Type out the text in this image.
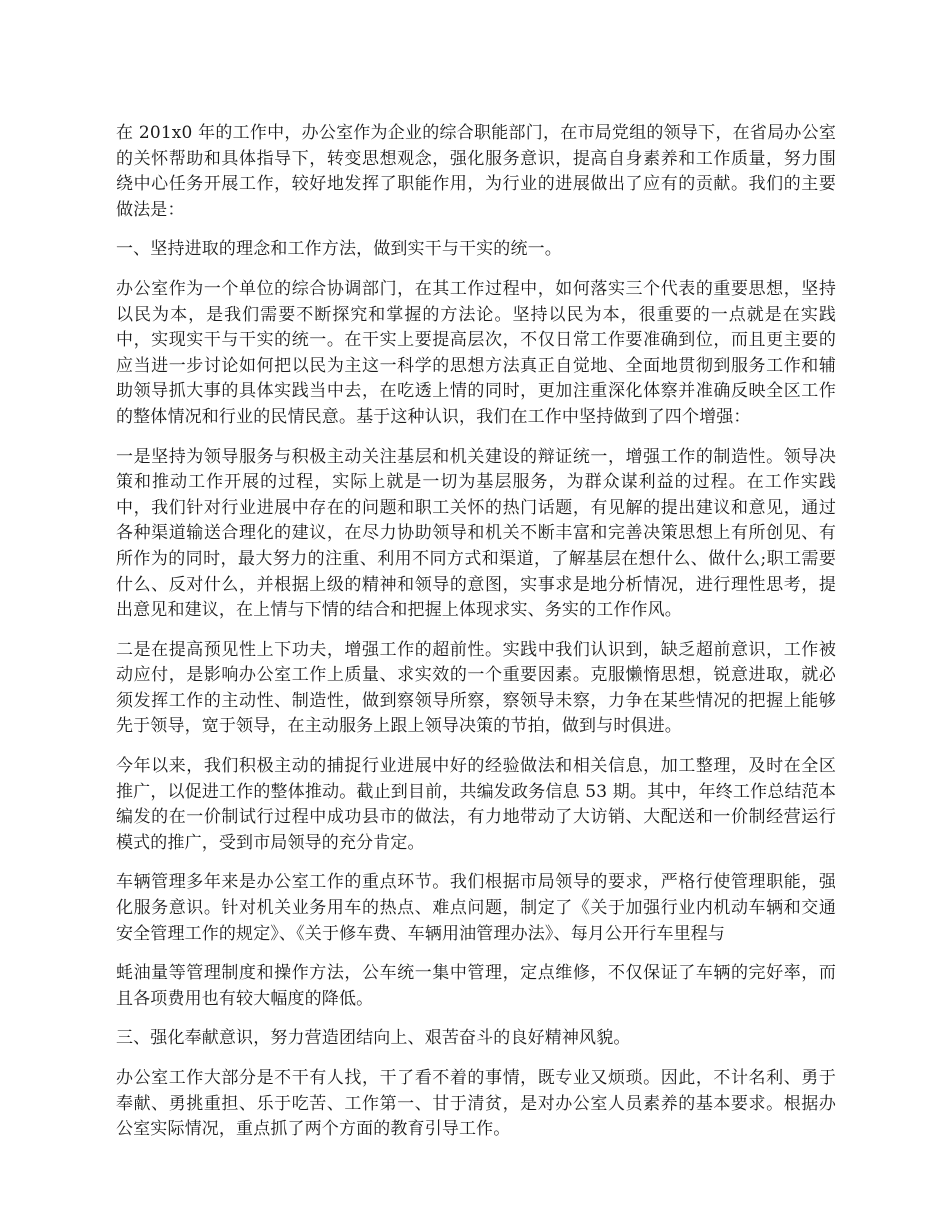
在 201x0 年的工作中，办公室作为企业的综合职能部门，在市局党组的领导下，在省局办公室的关怀帮助和具体指导下，转变思想观念，强化服务意识，提高自身素养和工作质量，努力围绕中心任务开展工作，较好地发挥了职能作用，为行业的进展做出了应有的贡献。我们的主要做法是：

一、坚持进取的理念和工作方法，做到实干与干实的统一。

办公室作为一个单位的综合协调部门，在其工作过程中，如何落实三个代表的重要思想，坚持以民为本，是我们需要不断探究和掌握的方法论。坚持以民为本，很重要的一点就是在实践中，实现实干与干实的统一。在干实上要提高层次，不仅日常工作要准确到位，而且更主要的应当进一步讨论如何把以民为主这一科学的思想方法真正自觉地、全面地贯彻到服务工作和辅助领导抓大事的具体实践当中去，在吃透上情的同时，更加注重深化体察并准确反映全区工作的整体情况和行业的民情民意。基于这种认识，我们在工作中坚持做到了四个增强：

一是坚持为领导服务与积极主动关注基层和机关建设的辩证统一，增强工作的制造性。领导决策和推动工作开展的过程，实际上就是一切为基层服务，为群众谋利益的过程。在工作实践中，我们针对行业进展中存在的问题和职工关怀的热门话题，有见解的提出建议和意见，通过各种渠道输送合理化的建议，在尽力协助领导和机关不断丰富和完善决策思想上有所创见、有所作为的同时，最大努力的注重、利用不同方式和渠道，了解基层在想什么、做什么;职工需要什么、反对什么，并根据上级的精神和领导的意图，实事求是地分析情况，进行理性思考，提出意见和建议，在上情与下情的结合和把握上体现求实、务实的工作作风。

二是在提高预见性上下功夫，增强工作的超前性。实践中我们认识到，缺乏超前意识，工作被动应付，是影响办公室工作上质量、求实效的一个重要因素。克服懒惰思想，锐意进取，就必须发挥工作的主动性、制造性，做到察领导所察，察领导未察，力争在某些情况的把握上能够先于领导，宽于领导，在主动服务上跟上领导决策的节拍，做到与时俱进。

今年以来，我们积极主动的捕捉行业进展中好的经验做法和相关信息，加工整理，及时在全区推广，以促进工作的整体推动。截止到目前，共编发政务信息 53 期。其中，年终工作总结范本编发的在一价制试行过程中成功县市的做法，有力地带动了大访销、大配送和一价制经营运行模式的推广，受到市局领导的充分肯定。

车辆管理多年来是办公室工作的重点环节。我们根据市局领导的要求，严格行使管理职能，强化服务意识。针对机关业务用车的热点、难点问题，制定了《关于加强行业内机动车辆和交通安全管理工作的规定》、《关于修车费、车辆用油管理办法》、每月公开行车里程与

蚝油量等管理制度和操作方法，公车统一集中管理，定点维修，不仅保证了车辆的完好率，而且各项费用也有较大幅度的降低。

三、强化奉献意识，努力营造团结向上、艰苦奋斗的良好精神风貌。

办公室工作大部分是不干有人找，干了看不着的事情，既专业又烦琐。因此，不计名利、勇于奉献、勇挑重担、乐于吃苦、工作第一、甘于清贫，是对办公室人员素养的基本要求。根据办公室实际情况，重点抓了两个方面的教育引导工作。
